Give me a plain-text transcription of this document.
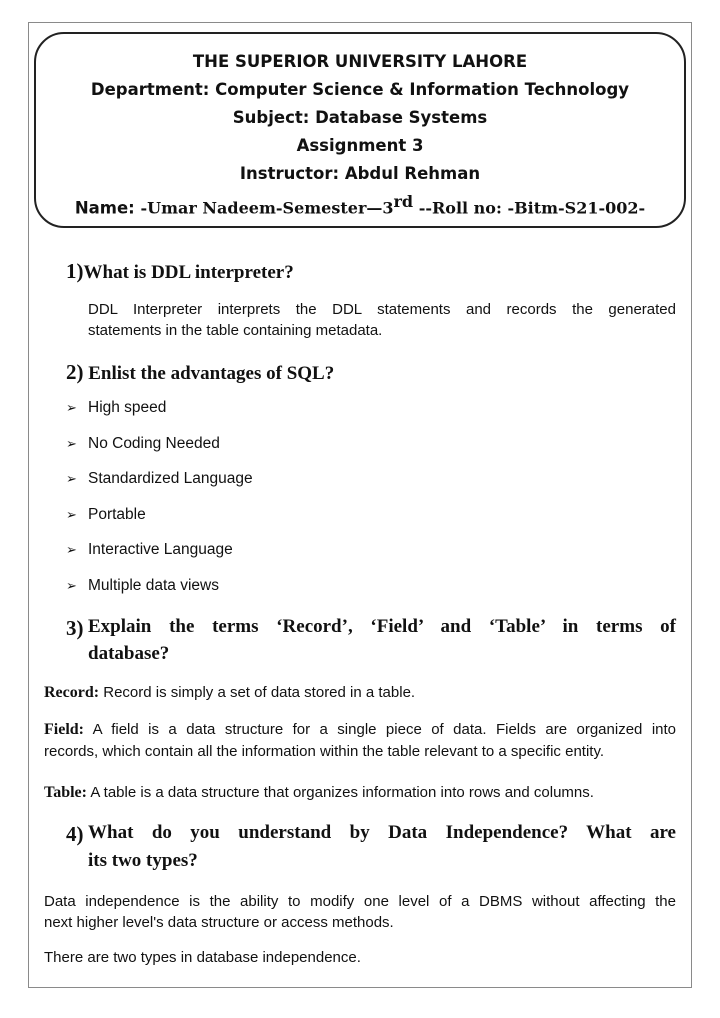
THE SUPERIOR UNIVERSITY LAHORE
Department: Computer Science & Information Technology
Subject: Database Systems
Assignment 3
Instructor: Abdul Rehman
Name: -Umar Nadeem-Semester—3rd --Roll no: -Bitm-S21-002-
1)What is DDL interpreter?
DDL Interpreter interprets the DDL statements and records the generated
statements in the table containing metadata.
2) Enlist the advantages of SQL?
➢ High speed
➢ No Coding Needed
➢ Standardized Language
➢ Portable
➢ Interactive Language
➢ Multiple data views
3) Explain the terms ‘Record’, ‘Field’ and ‘Table’ in terms of
database?
Record: Record is simply a set of data stored in a table.
Field: A field is a data structure for a single piece of data. Fields are organized into
records, which contain all the information within the table relevant to a specific entity.
Table: A table is a data structure that organizes information into rows and columns.
4) What do you understand by Data Independence? What are
its two types?
Data independence is the ability to modify one level of a DBMS without affecting the
next higher level's data structure or access methods.
There are two types in database independence.
